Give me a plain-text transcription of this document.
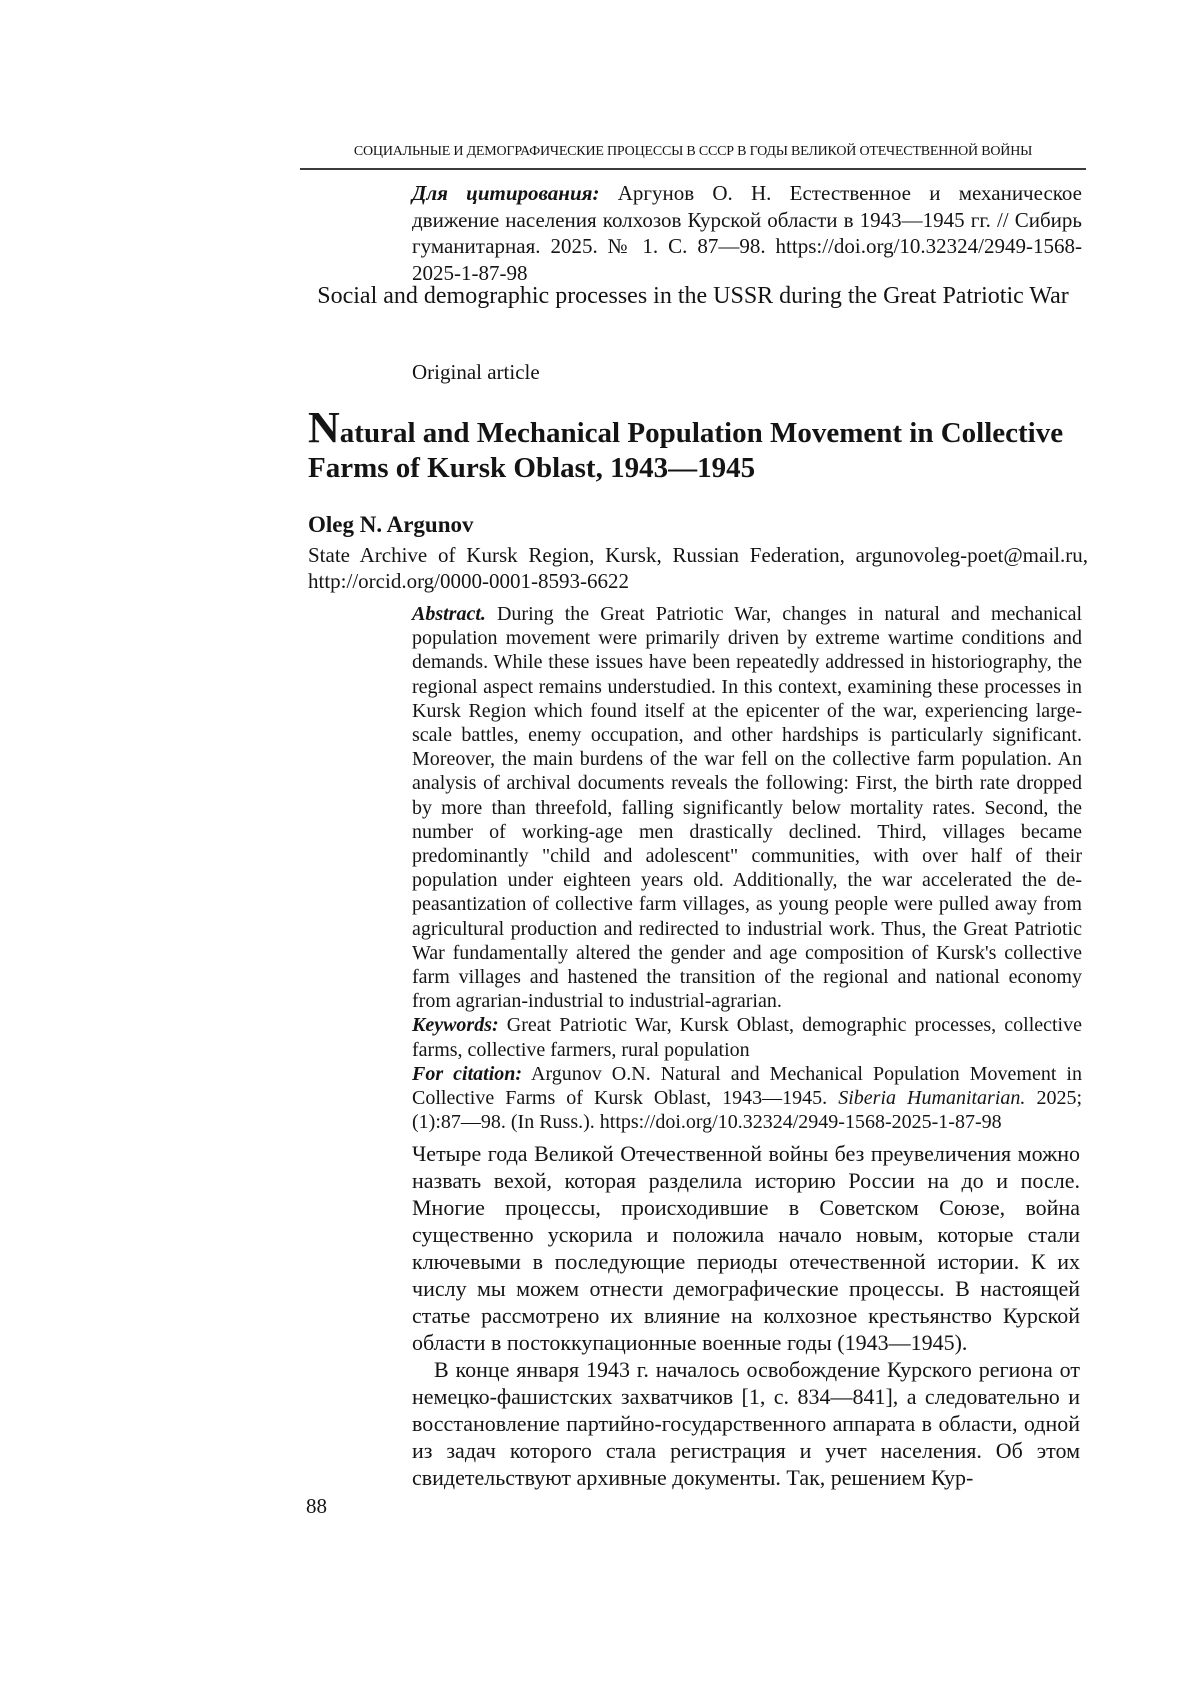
СОЦИАЛЬНЫЕ И ДЕМОГРАФИЧЕСКИЕ ПРОЦЕССЫ В СССР В ГОДЫ ВЕЛИКОЙ ОТЕЧЕСТВЕННОЙ ВОЙНЫ
Для цитирования: Аргунов О. Н. Естественное и механическое движение населения колхозов Курской области в 1943—1945 гг. // Сибирь гуманитарная. 2025. № 1. С. 87—98. https://doi.org/10.32324/2949-1568-2025-1-87-98
Social and demographic processes in the USSR during the Great Patriotic War
Original article
Natural and Mechanical Population Movement in Collective Farms of Kursk Oblast, 1943—1945
Oleg N. Argunov
State Archive of Kursk Region, Kursk, Russian Federation, argunovoleg-poet@mail.ru, http://orcid.org/0000-0001-8593-6622

Abstract. During the Great Patriotic War, changes in natural and mechanical population movement were primarily driven by extreme wartime conditions and demands. While these issues have been repeatedly addressed in historiography, the regional aspect remains understudied. In this context, examining these processes in Kursk Region which found itself at the epicenter of the war, experiencing large-scale battles, enemy occupation, and other hardships is particularly significant. Moreover, the main burdens of the war fell on the collective farm population. An analysis of archival documents reveals the following: First, the birth rate dropped by more than threefold, falling significantly below mortality rates. Second, the number of working-age men drastically declined. Third, villages became predominantly "child and adolescent" communities, with over half of their population under eighteen years old. Additionally, the war accelerated the de-peasantization of collective farm villages, as young people were pulled away from agricultural production and redirected to industrial work. Thus, the Great Patriotic War fundamentally altered the gender and age composition of Kursk's collective farm villages and hastened the transition of the regional and national economy from agrarian-industrial to industrial-agrarian.

Keywords: Great Patriotic War, Kursk Oblast, demographic processes, collective farms, collective farmers, rural population

For citation: Argunov O.N. Natural and Mechanical Population Movement in Collective Farms of Kursk Oblast, 1943—1945. Siberia Humanitarian. 2025;(1):87—98. (In Russ.). https://doi.org/10.32324/2949-1568-2025-1-87-98

Четыре года Великой Отечественной войны без преувеличения можно назвать вехой, которая разделила историю России на до и после. Многие процессы, происходившие в Советском Союзе, война существенно ускорила и положила начало новым, которые стали ключевыми в последующие периоды отечественной истории. К их числу мы можем отнести демографические процессы. В настоящей статье рассмотрено их влияние на колхозное крестьянство Курской области в постоккупационные военные годы (1943—1945).

В конце января 1943 г. началось освобождение Курского региона от немецко-фашистских захватчиков [1, с. 834—841], а следовательно и восстановление партийно-государственного аппарата в области, одной из задач которого стала регистрация и учет населения. Об этом свидетельствуют архивные документы. Так, решением Кур-

88
